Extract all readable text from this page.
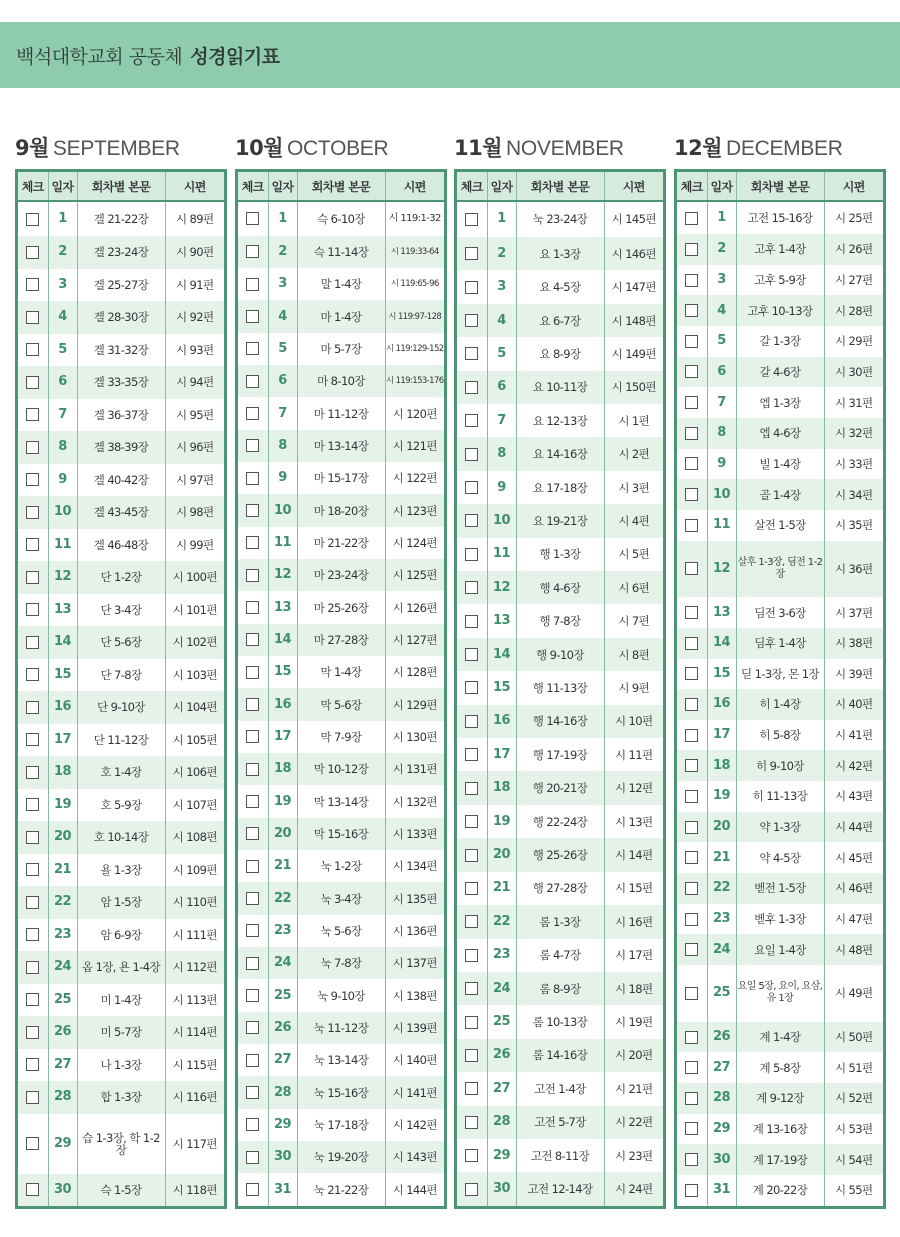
백석대학교회 공동체 성경읽기표
9월 SEPTEMBER
체크	일자	회차별 본문	시편
	1	겔 21-22장	시 89편
	2	겔 23-24장	시 90편
	3	겔 25-27장	시 91편
	4	겔 28-30장	시 92편
	5	겔 31-32장	시 93편
	6	겔 33-35장	시 94편
	7	겔 36-37장	시 95편
	8	겔 38-39장	시 96편
	9	겔 40-42장	시 97편
	10	겔 43-45장	시 98편
	11	겔 46-48장	시 99편
	12	단 1-2장	시 100편
	13	단 3-4장	시 101편
	14	단 5-6장	시 102편
	15	단 7-8장	시 103편
	16	단 9-10장	시 104편
	17	단 11-12장	시 105편
	18	호 1-4장	시 106편
	19	호 5-9장	시 107편
	20	호 10-14장	시 108편
	21	욜 1-3장	시 109편
	22	암 1-5장	시 110편
	23	암 6-9장	시 111편
	24	옵 1장, 욘 1-4장	시 112편
	25	미 1-4장	시 113편
	26	미 5-7장	시 114편
	27	나 1-3장	시 115편
	28	합 1-3장	시 116편
	29	습 1-3장, 학 1-2장	시 117편
	30	슥 1-5장	시 118편
10월 OCTOBER
체크	일자	회차별 본문	시편
	1	슥 6-10장	시 119:1-32
	2	슥 11-14장	시 119:33-64
	3	말 1-4장	시 119:65-96
	4	마 1-4장	시 119:97-128
	5	마 5-7장	시 119:129-152
	6	마 8-10장	시 119:153-176
	7	마 11-12장	시 120편
	8	마 13-14장	시 121편
	9	마 15-17장	시 122편
	10	마 18-20장	시 123편
	11	마 21-22장	시 124편
	12	마 23-24장	시 125편
	13	마 25-26장	시 126편
	14	마 27-28장	시 127편
	15	막 1-4장	시 128편
	16	막 5-6장	시 129편
	17	막 7-9장	시 130편
	18	막 10-12장	시 131편
	19	막 13-14장	시 132편
	20	막 15-16장	시 133편
	21	눅 1-2장	시 134편
	22	눅 3-4장	시 135편
	23	눅 5-6장	시 136편
	24	눅 7-8장	시 137편
	25	눅 9-10장	시 138편
	26	눅 11-12장	시 139편
	27	눅 13-14장	시 140편
	28	눅 15-16장	시 141편
	29	눅 17-18장	시 142편
	30	눅 19-20장	시 143편
	31	눅 21-22장	시 144편
11월 NOVEMBER
체크	일자	회차별 본문	시편
	1	눅 23-24장	시 145편
	2	요 1-3장	시 146편
	3	요 4-5장	시 147편
	4	요 6-7장	시 148편
	5	요 8-9장	시 149편
	6	요 10-11장	시 150편
	7	요 12-13장	시 1편
	8	요 14-16장	시 2편
	9	요 17-18장	시 3편
	10	요 19-21장	시 4편
	11	행 1-3장	시 5편
	12	행 4-6장	시 6편
	13	행 7-8장	시 7편
	14	행 9-10장	시 8편
	15	행 11-13장	시 9편
	16	행 14-16장	시 10편
	17	행 17-19장	시 11편
	18	행 20-21장	시 12편
	19	행 22-24장	시 13편
	20	행 25-26장	시 14편
	21	행 27-28장	시 15편
	22	롬 1-3장	시 16편
	23	롬 4-7장	시 17편
	24	롬 8-9장	시 18편
	25	롬 10-13장	시 19편
	26	롬 14-16장	시 20편
	27	고전 1-4장	시 21편
	28	고전 5-7장	시 22편
	29	고전 8-11장	시 23편
	30	고전 12-14장	시 24편
12월 DECEMBER
체크	일자	회차별 본문	시편
	1	고전 15-16장	시 25편
	2	고후 1-4장	시 26편
	3	고후 5-9장	시 27편
	4	고후 10-13장	시 28편
	5	갈 1-3장	시 29편
	6	갈 4-6장	시 30편
	7	엡 1-3장	시 31편
	8	엡 4-6장	시 32편
	9	빌 1-4장	시 33편
	10	골 1-4장	시 34편
	11	살전 1-5장	시 35편
	12	살후 1-3장, 딤전 1-2장	시 36편
	13	딤전 3-6장	시 37편
	14	딤후 1-4장	시 38편
	15	딛 1-3장, 몬 1장	시 39편
	16	히 1-4장	시 40편
	17	히 5-8장	시 41편
	18	히 9-10장	시 42편
	19	히 11-13장	시 43편
	20	약 1-3장	시 44편
	21	약 4-5장	시 45편
	22	벧전 1-5장	시 46편
	23	벧후 1-3장	시 47편
	24	요일 1-4장	시 48편
	25	요일 5장, 요이, 요삼, 유 1장	시 49편
	26	계 1-4장	시 50편
	27	계 5-8장	시 51편
	28	계 9-12장	시 52편
	29	계 13-16장	시 53편
	30	계 17-19장	시 54편
	31	계 20-22장	시 55편
